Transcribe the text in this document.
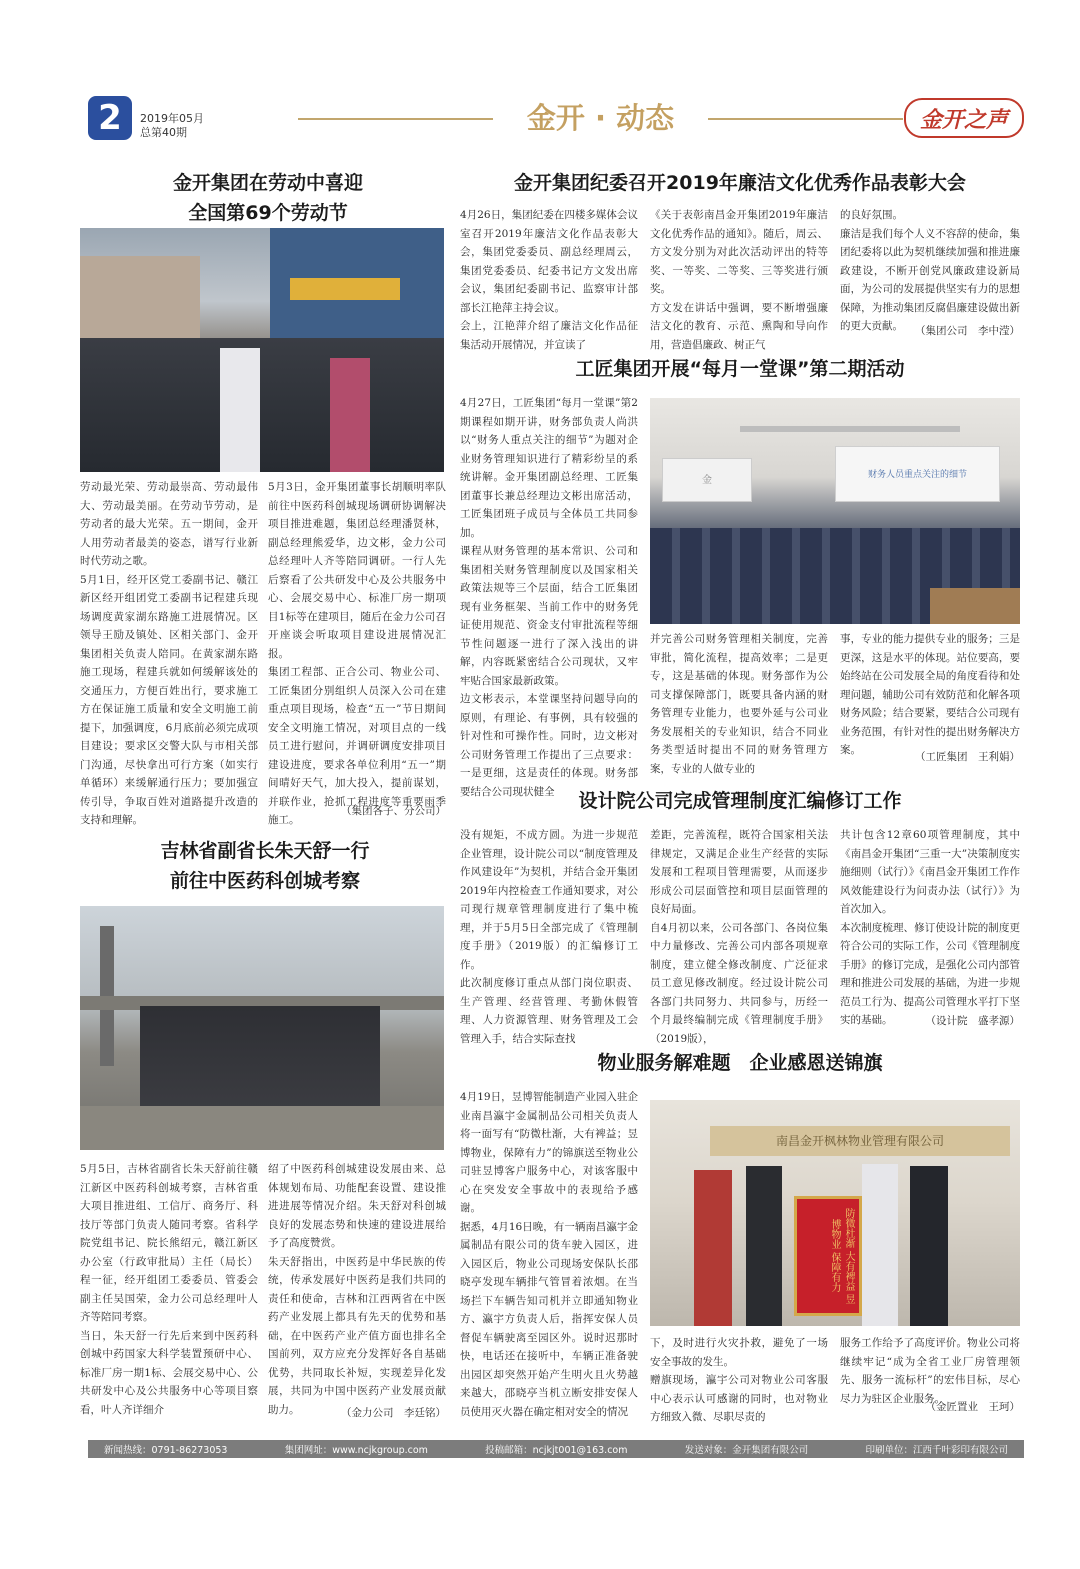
2 2019年05月
总第40期	金开 · 动态	金开之声
金开集团在劳动中喜迎
全国第69个劳动节
劳动最光荣、劳动最崇高、劳动最伟大、劳动最美丽。在劳动节劳动，是劳动者的最大光荣。五一期间，金开人用劳动者最美的姿态，谱写行业新时代劳动之歌。
5月1日，经开区党工委副书记、赣江新区经开组团党工委副书记程建兵现场调度黄家湖东路施工进展情况。区领导王励及镇处、区相关部门、金开集团相关负责人陪同。在黄家湖东路施工现场，程建兵就如何缓解该处的交通压力，方便百姓出行，要求施工方在保证施工质量和安全文明施工前提下，加强调度，6月底前必须完成项目建设；要求区交警大队与市相关部门沟通，尽快拿出可行方案（如实行单循环）来缓解通行压力；要加强宣传引导，争取百姓对道路提升改造的支持和理解。
5月3日，金开集团董事长胡顺明率队前往中医药科创城现场调研协调解决项目推进难题，集团总经理潘贤林，副总经理熊爱华，边文彬，金力公司总经理叶人齐等陪同调研。一行人先后察看了公共研发中心及公共服务中心、会展交易中心、标准厂房一期项目1标等在建项目，随后在金力公司召开座谈会听取项目建设进展情况汇报。
集团工程部、正合公司、物业公司、工匠集团分别组织人员深入公司在建重点项目现场，检查“五一”节日期间安全文明施工情况，对项目点的一线员工进行慰问，并调研调度安排项目建设进度，要求各单位利用“五一”期间晴好天气，加大投入，提前谋划，并联作业，抢抓工程进度等重要雨季施工。
（集团各子、分公司）
吉林省副省长朱天舒一行
前往中医药科创城考察
5月5日，吉林省副省长朱天舒前往赣江新区中医药科创城考察，吉林省重大项目推进组、工信厅、商务厅、科技厅等部门负责人随同考察。省科学院党组书记、院长熊绍元，赣江新区办公室（行政审批局）主任（局长）程一征，经开组团工委委员、管委会副主任吴国荣，金力公司总经理叶人齐等陪同考察。
当日，朱天舒一行先后来到中医药科创城中药国家大科学装置预研中心、标准厂房一期1标、会展交易中心、公共研发中心及公共服务中心等项目察看，叶人齐详细介
绍了中医药科创城建设发展由来、总体规划布局、功能配套设置、建设推进进展等情况介绍。朱天舒对科创城良好的发展态势和快速的建设进展给予了高度赞赏。
朱天舒指出，中医药是中华民族的传统，传承发展好中医药是我们共同的责任和使命，吉林和江西两省在中医药产业发展上都具有先天的优势和基础，在中医药产业产值方面也排名全国前列，双方应充分发挥好各自基础优势，共同取长补短，实现差异化发展，共同为中国中医药产业发展贡献助力。	（金力公司　李廷铭）
金开集团纪委召开2019年廉洁文化优秀作品表彰大会
4月26日，集团纪委在四楼多媒体会议室召开2019年廉洁文化作品表彰大会，集团党委委员、副总经理周云，集团党委委员、纪委书记方文发出席会议，集团纪委副书记、监察审计部部长江艳萍主持会议。
会上，江艳萍介绍了廉洁文化作品征集活动开展情况，并宣读了
《关于表彰南昌金开集团2019年廉洁文化优秀作品的通知》。随后，周云、方文发分别为对此次活动评出的特等奖、一等奖、二等奖、三等奖进行颁奖。
方文发在讲话中强调，要不断增强廉洁文化的教育、示范、熏陶和导向作用，营造倡廉政、树正气
的良好氛围。
廉洁是我们每个人义不容辞的使命，集团纪委将以此为契机继续加强和推进廉政建设，不断开创党风廉政建设新局面，为公司的发展提供坚实有力的思想保障，为推动集团反腐倡廉建设做出新的更大贡献。	（集团公司　李中滢）
工匠集团开展“每月一堂课”第二期活动
4月27日，工匠集团“每月一堂课”第2期课程如期开讲，财务部负责人尚洪以“财务人重点关注的细节”为题对企业财务管理知识进行了精彩纷呈的系统讲解。金开集团副总经理、工匠集团董事长兼总经理边文彬出席活动，工匠集团班子成员与全体员工共同参加。
课程从财务管理的基本常识、公司和集团相关财务管理制度以及国家相关政策法规等三个层面，结合工匠集团现有业务框架、当前工作中的财务凭证使用规范、资金支付审批流程等细节性问题逐一进行了深入浅出的讲解，内容既紧密结合公司现状，又牢牢贴合国家最新政策。
边文彬表示，本堂课坚持问题导向的原则，有理论、有事例，具有较强的针对性和可操作性。同时，边文彬对公司财务管理工作提出了三点要求：一是更细，这是责任的体现。财务部要结合公司现状健全
财务人员重点关注的细节
金
并完善公司财务管理相关制度，完善审批，简化流程，提高效率；二是更专，这是基础的体现。财务部作为公司支撑保障部门，既要具备内涵的财务管理专业能力，也要外延与公司业务发展相关的专业知识，结合不同业务类型适时提出不同的财务管理方案，专业的人做专业的
事，专业的能力提供专业的服务；三是更深，这是水平的体现。站位要高，要始终站在公司发展全局的角度看待和处理问题，辅助公司有效防范和化解各项财务风险；结合要紧，要结合公司现有业务范围，有针对性的提出财务解决方案。
（工匠集团　王利娟）
设计院公司完成管理制度汇编修订工作
没有规矩，不成方圆。为进一步规范企业管理，设计院公司以“制度管理及作风建设年”为契机，并结合金开集团2019年内控检查工作通知要求，对公司现行规章管理制度进行了集中梳理，并于5月5日全部完成了《管理制度手册》（2019版）的汇编修订工作。
此次制度修订重点从部门岗位职责、生产管理、经营管理、考勤休假管理、人力资源管理、财务管理及工会管理入手，结合实际查找
差距，完善流程，既符合国家相关法律规定，又满足企业生产经营的实际发展和工程项目管理需要，从而逐步形成公司层面管控和项目层面管理的良好局面。
自4月初以来，公司各部门、各岗位集中力量修改、完善公司内部各项规章制度，建立健全修改制度、广泛征求员工意见修改制度。经过设计院公司各部门共同努力、共同参与，历经一个月最终编制完成《管理制度手册》（2019版），
共计包含12章60项管理制度，其中《南昌金开集团“三重一大”决策制度实施细则（试行）》《南昌金开集团工作作风效能建设行为问责办法（试行）》为首次加入。
本次制度梳理、修订使设计院的制度更符合公司的实际工作，公司《管理制度手册》的修订完成，是强化公司内部管理和推进公司发展的基础，为进一步规范员工行为、提高公司管理水平打下坚实的基础。	（设计院　盛孝源）
物业服务解难题　企业感恩送锦旗
4月19日，昱博智能制造产业园入驻企业南昌瀛宇金属制品公司相关负责人将一面写有“防微杜渐，大有裨益；昱博物业，保障有力”的锦旗送至物业公司驻昱博客户服务中心，对该客服中心在突发安全事故中的表现给予感谢。
据悉，4月16日晚，有一辆南昌瀛宇金属制品有限公司的货车驶入园区，进入园区后，物业公司现场安保队长邵晓亭发现车辆排气管冒着浓烟。在当场拦下车辆告知司机并立即通知物业方、瀛宇方负责人后，指挥安保人员督促车辆驶离至园区外。说时迟那时快，电话还在接听中，车辆正准备驶出园区却突然开始产生明火且火势越来越大，邵晓亭当机立断安排安保人员使用灭火器在确定相对安全的情况
南昌金开枫林物业管理有限公司
防微杜渐 大有裨益 昱博物业 保障有力
下，及时进行火灾扑救，避免了一场安全事故的发生。
赠旗现场，瀛宇公司对物业公司客服中心表示认可感谢的同时，也对物业方细致入微、尽职尽责的
服务工作给予了高度评价。物业公司将继续牢记“成为全省工业厂房管理领先、服务一流标杆”的宏伟目标，尽心尽力为驻区企业服务。
（金匠置业　王珂）
新闻热线：0791-86273053	集团网址：www.ncjkgroup.com	投稿邮箱：ncjkjt001@163.com	发送对象：金开集团有限公司	印刷单位：江西千叶彩印有限公司
